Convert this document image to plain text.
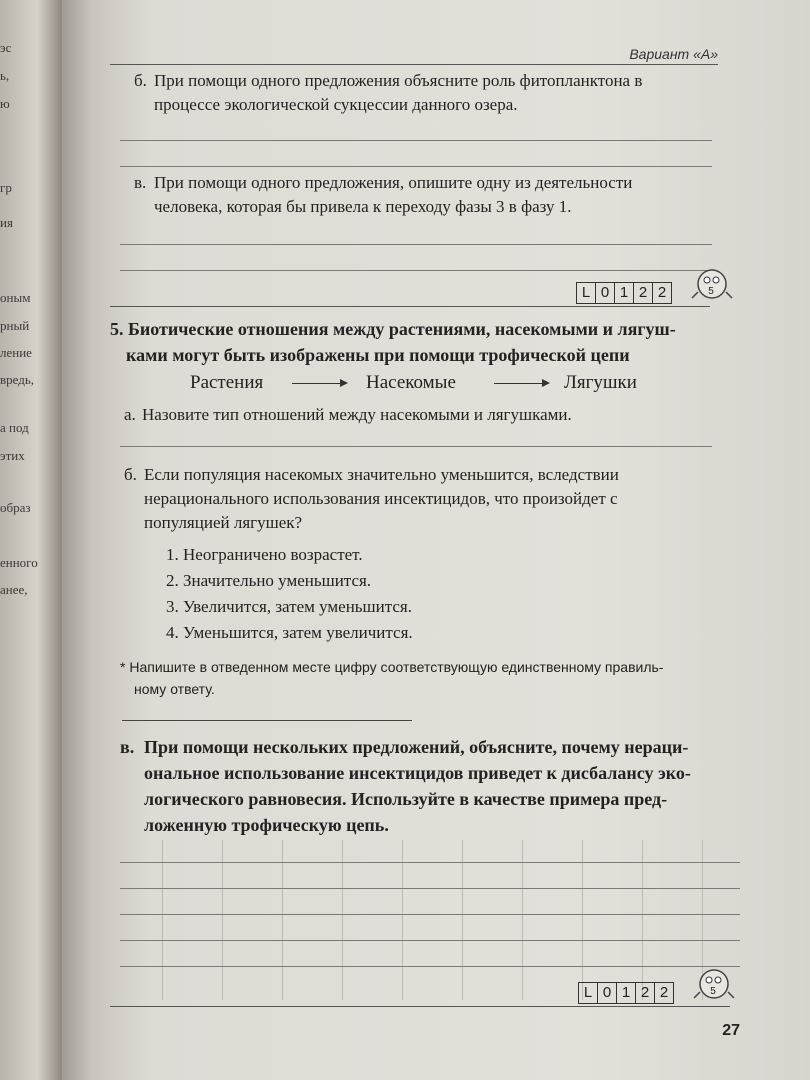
эс
ь,
ю
гр
ия
оным
рный
ление
вредь,
а под
этих
образ
енного
анее,
Вариант «А»
б. При помощи одного предложения объясните роль фитопланктона в
процессе экологической сукцессии данного озера.
в. При помощи одного предложения, опишите одну из деятельности
человека, которая бы привела к переходу фазы 3 в фазу 1.
L 0 1 2 2	5
5. Биотические отношения между растениями, насекомыми и лягуш-
ками могут быть изображены при помощи трофической цепи
Растения	Насекомые	Лягушки
а. Назовите тип отношений между насекомыми и лягушками.
б. Если популяция насекомых значительно уменьшится, вследствии
нерационального использования инсектицидов, что произойдет с
популяцией лягушек?
1. Неограничено возрастет.
2. Значительно уменьшится.
3. Увеличится, затем уменьшится.
4. Уменьшится, затем увеличится.
* Напишите в отведенном месте цифру соответствующую единственному правиль-
ному ответу.
в. При помощи нескольких предложений, объясните, почему нераци-
ональное использование инсектицидов приведет к дисбалансу эко-
логического равновесия. Используйте в качестве примера пред-
ложенную трофическую цепь.
L 0 1 2 2	5
27
